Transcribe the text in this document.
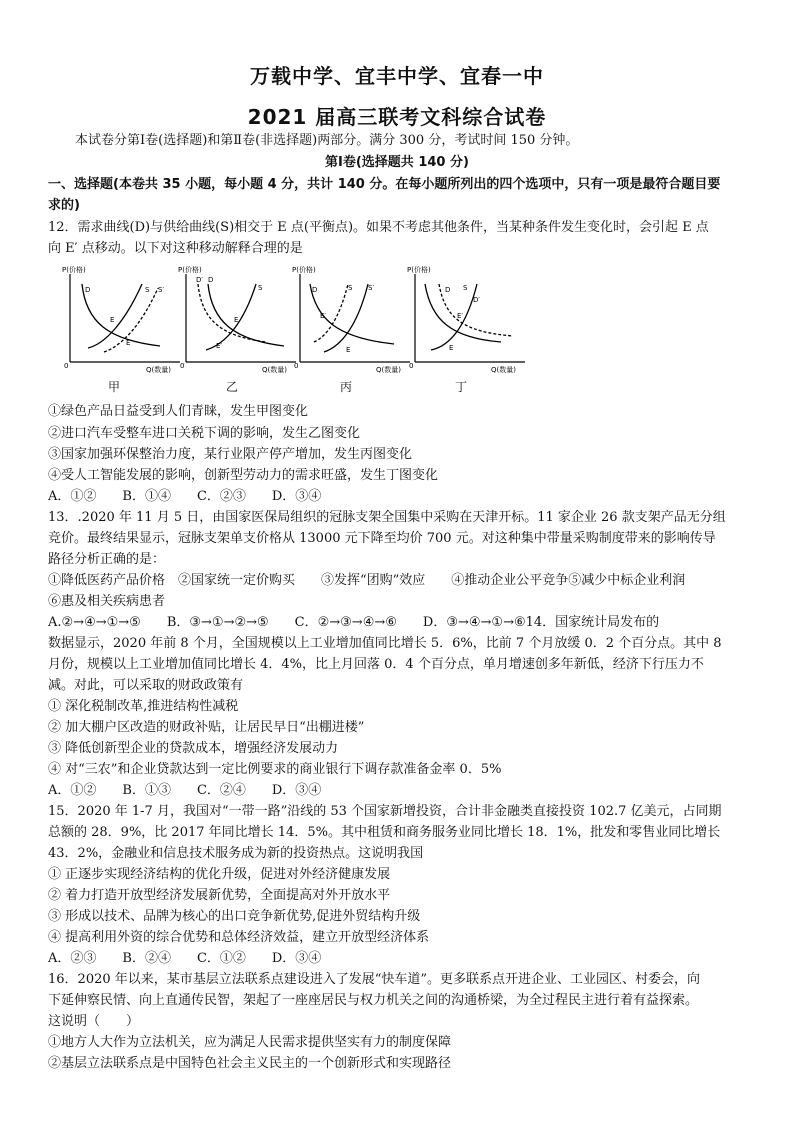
万载中学、宜丰中学、宜春一中
2021 届高三联考文科综合试卷
本试卷分第Ⅰ卷(选择题)和第Ⅱ卷(非选择题)两部分。满分 300 分，考试时间 150 分钟。
第Ⅰ卷(选择题共 140 分)
一、选择题(本卷共 35 小题，每小题 4 分，共计 140 分。在每小题所列出的四个选项中，只有一项是最符合题目要
求的)
12．需求曲线(D)与供给曲线(S)相交于 E 点(平衡点)。如果不考虑其他条件，当某种条件发生变化时，会引起 E 点
向 E′ 点移动。以下对这种移动解释合理的是
P(价格)
Q(数量)
0
D	S S′
E
E′
甲
P(价格)
Q(数量)
0
D′ D
S
E
E′
乙
P(价格)
Q(数量)
0
D	S S′
E′
E
丙
P(价格)
Q(数量)
0
S
D
D′
E′
E
丁
①绿色产品日益受到人们青睐，发生甲图变化
②进口汽车受整车进口关税下调的影响，发生乙图变化
③国家加强环保整治力度，某行业限产停产增加，发生丙图变化
④受人工智能发展的影响，创新型劳动力的需求旺盛，发生丁图变化
A．①②　　B．①④　　C．②③　　D．③④
13．.2020 年 11 月 5 日，由国家医保局组织的冠脉支架全国集中采购在天津开标。11 家企业 26 款支架产品无分组
竞价。最终结果显示，冠脉支架单支价格从 13000 元下降至均价 700 元。对这种集中带量采购制度带来的影响传导
路径分析正确的是：
①降低医药产品价格　②国家统一定价购买　　③发挥“团购”效应　　④推动企业公平竞争⑤减少中标企业利润
⑥惠及相关疾病患者
A.②→④→①→⑤　　B．③→①→②→⑤　　C．②→③→④→⑥　　D．③→④→①→⑥14．国家统计局发布的
数据显示，2020 年前 8 个月，全国规模以上工业增加值同比增长 5．6%，比前 7 个月放缓 0．2 个百分点。其中 8
月份，规模以上工业增加值同比增长 4．4%，比上月回落 0．4 个百分点，单月增速创多年新低，经济下行压力不
减。对此，可以采取的财政政策有
① 深化税制改革,推进结构性减税
② 加大棚户区改造的财政补贴，让居民早日“出棚进楼”
③ 降低创新型企业的贷款成本，增强经济发展动力
④ 对“三农”和企业贷款达到一定比例要求的商业银行下调存款准备金率 0．5%
A．①②　　B．①③　　C．②④　　D．③④
15．2020 年 1-7 月，我国对“一带一路”沿线的 53 个国家新增投资，合计非金融类直接投资 102.7 亿美元，占同期
总额的 28．9%，比 2017 年同比增长 14．5%。其中租赁和商务服务业同比增长 18．1%，批发和零售业同比增长
43．2%，金融业和信息技术服务成为新的投资热点。这说明我国
① 正逐步实现经济结构的优化升级，促进对外经济健康发展
② 着力打造开放型经济发展新优势，全面提高对外开放水平
③ 形成以技术、品牌为核心的出口竞争新优势,促进外贸结构升级
④ 提高利用外资的综合优势和总体经济效益，建立开放型经济体系
A．②③　　B．②④　　C．①②　　D．③④
16．2020 年以来，某市基层立法联系点建设进入了发展“快车道”。更多联系点开进企业、工业园区、村委会，向
下延伸察民情、向上直通传民智，架起了一座座居民与权力机关之间的沟通桥梁，为全过程民主进行着有益探索。
这说明（　　）
①地方人大作为立法机关，应为满足人民需求提供坚实有力的制度保障
②基层立法联系点是中国特色社会主义民主的一个创新形式和实现路径
